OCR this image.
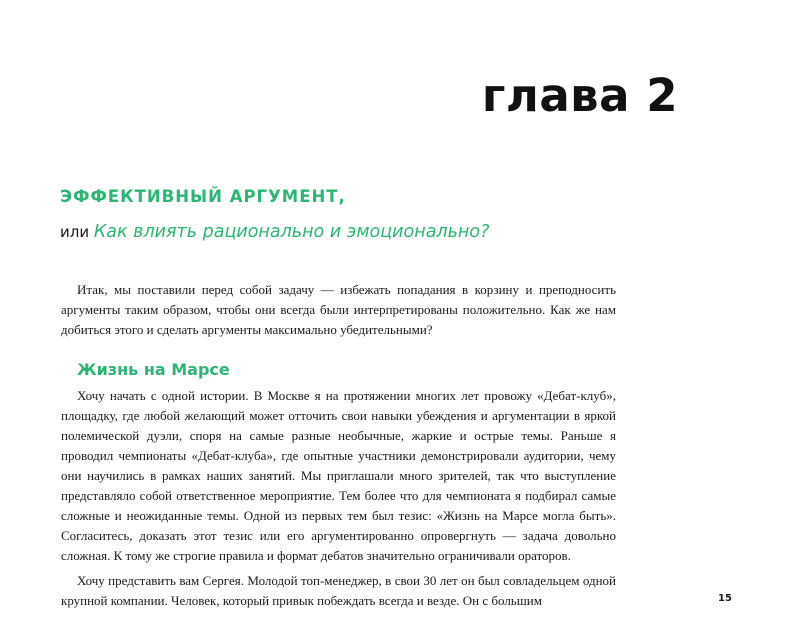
глава 2
ЭФФЕКТИВНЫЙ АРГУМЕНТ,
или Как влиять рационально и эмоционально?

Итак, мы поставили перед собой задачу — избежать попадания в корзину и преподносить аргументы таким образом, чтобы они всегда были интерпретированы положительно. Как же нам добиться этого и сделать аргументы максимально убедительными?

Жизнь на Марсе

Хочу начать с одной истории. В Москве я на протяжении многих лет провожу «Дебат-клуб», площадку, где любой желающий может отточить свои навыки убеждения и аргументации в яркой полемической дуэли, споря на самые разные необычные, жаркие и острые темы. Раньше я проводил чемпионаты «Дебат-клуба», где опытные участники демонстрировали аудитории, чему они научились в рамках наших занятий. Мы приглашали много зрителей, так что выступление представляло собой ответственное мероприятие. Тем более что для чемпионата я подбирал самые сложные и неожиданные темы. Одной из первых тем был тезис: «Жизнь на Марсе могла быть». Согласитесь, доказать этот тезис или его аргументированно опровергнуть — задача довольно сложная. К тому же строгие правила и формат дебатов значительно ограничивали ораторов.

Хочу представить вам Сергея. Молодой топ-менеджер, в свои 30 лет он был совладельцем одной крупной компании. Человек, который привык побеждать всегда и везде. Он с большим	15
